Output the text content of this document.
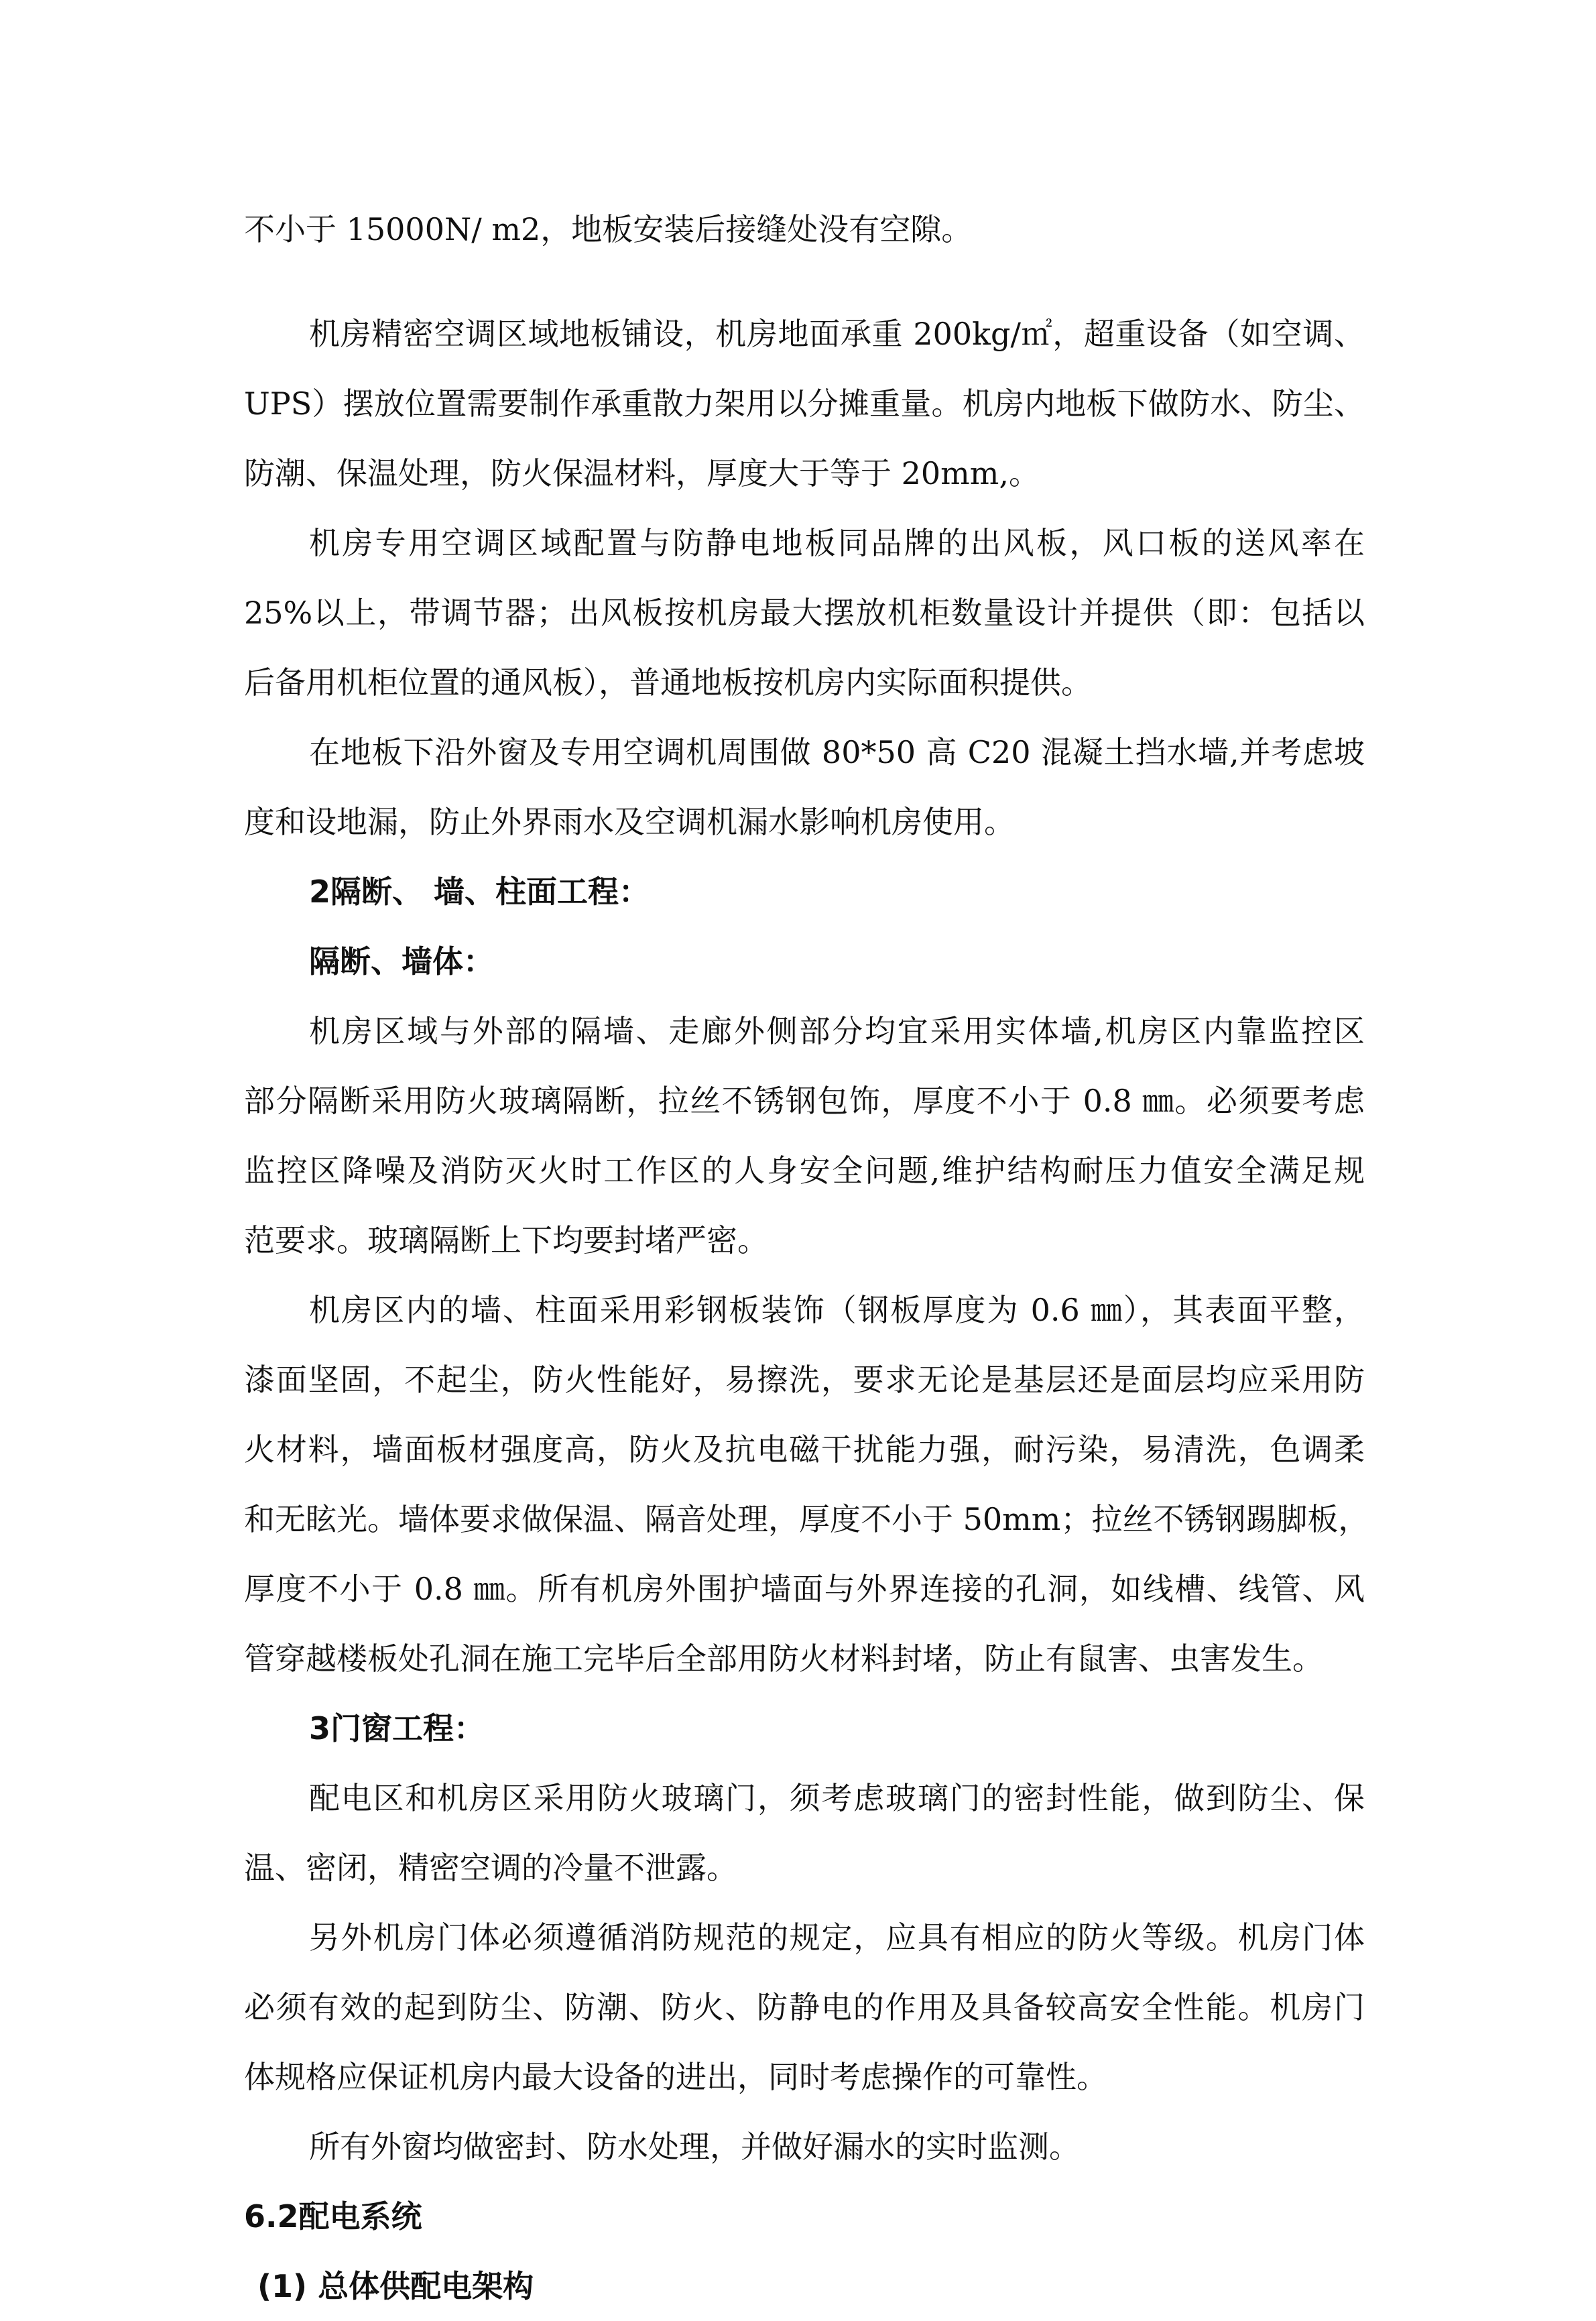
不小于 15000N/ m2，地板安装后接缝处没有空隙。
机房精密空调区域地板铺设，机房地面承重 200kg/㎡，超重设备（如空调、
UPS）摆放位置需要制作承重散力架用以分摊重量。机房内地板下做防水、防尘、
防潮、保温处理，防火保温材料，厚度大于等于 20mm,。
机房专用空调区域配置与防静电地板同品牌的出风板，风口板的送风率在
25%以上，带调节器；出风板按机房最大摆放机柜数量设计并提供（即：包括以
后备用机柜位置的通风板），普通地板按机房内实际面积提供。
在地板下沿外窗及专用空调机周围做 80*50 高 C20 混凝土挡水墙,并考虑坡
度和设地漏，防止外界雨水及空调机漏水影响机房使用。
2隔断、 墙、柱面工程：
隔断、墙体：
机房区域与外部的隔墙、走廊外侧部分均宜采用实体墙,机房区内靠监控区
部分隔断采用防火玻璃隔断，拉丝不锈钢包饰，厚度不小于 0.8 ㎜。必须要考虑
监控区降噪及消防灭火时工作区的人身安全问题,维护结构耐压力值安全满足规
范要求。玻璃隔断上下均要封堵严密。
机房区内的墙、柱面采用彩钢板装饰（钢板厚度为 0.6 ㎜），其表面平整，
漆面坚固，不起尘，防火性能好，易擦洗，要求无论是基层还是面层均应采用防
火材料，墙面板材强度高，防火及抗电磁干扰能力强，耐污染，易清洗，色调柔
和无眩光。墙体要求做保温、隔音处理，厚度不小于 50mm；拉丝不锈钢踢脚板，
厚度不小于 0.8 ㎜。所有机房外围护墙面与外界连接的孔洞，如线槽、线管、风
管穿越楼板处孔洞在施工完毕后全部用防火材料封堵，防止有鼠害、虫害发生。
3门窗工程：
配电区和机房区采用防火玻璃门，须考虑玻璃门的密封性能，做到防尘、保
温、密闭，精密空调的冷量不泄露。
另外机房门体必须遵循消防规范的规定，应具有相应的防火等级。机房门体
必须有效的起到防尘、防潮、防火、防静电的作用及具备较高安全性能。机房门
体规格应保证机房内最大设备的进出，同时考虑操作的可靠性。
所有外窗均做密封、防水处理，并做好漏水的实时监测。
6.2配电系统
(1) 总体供配电架构
